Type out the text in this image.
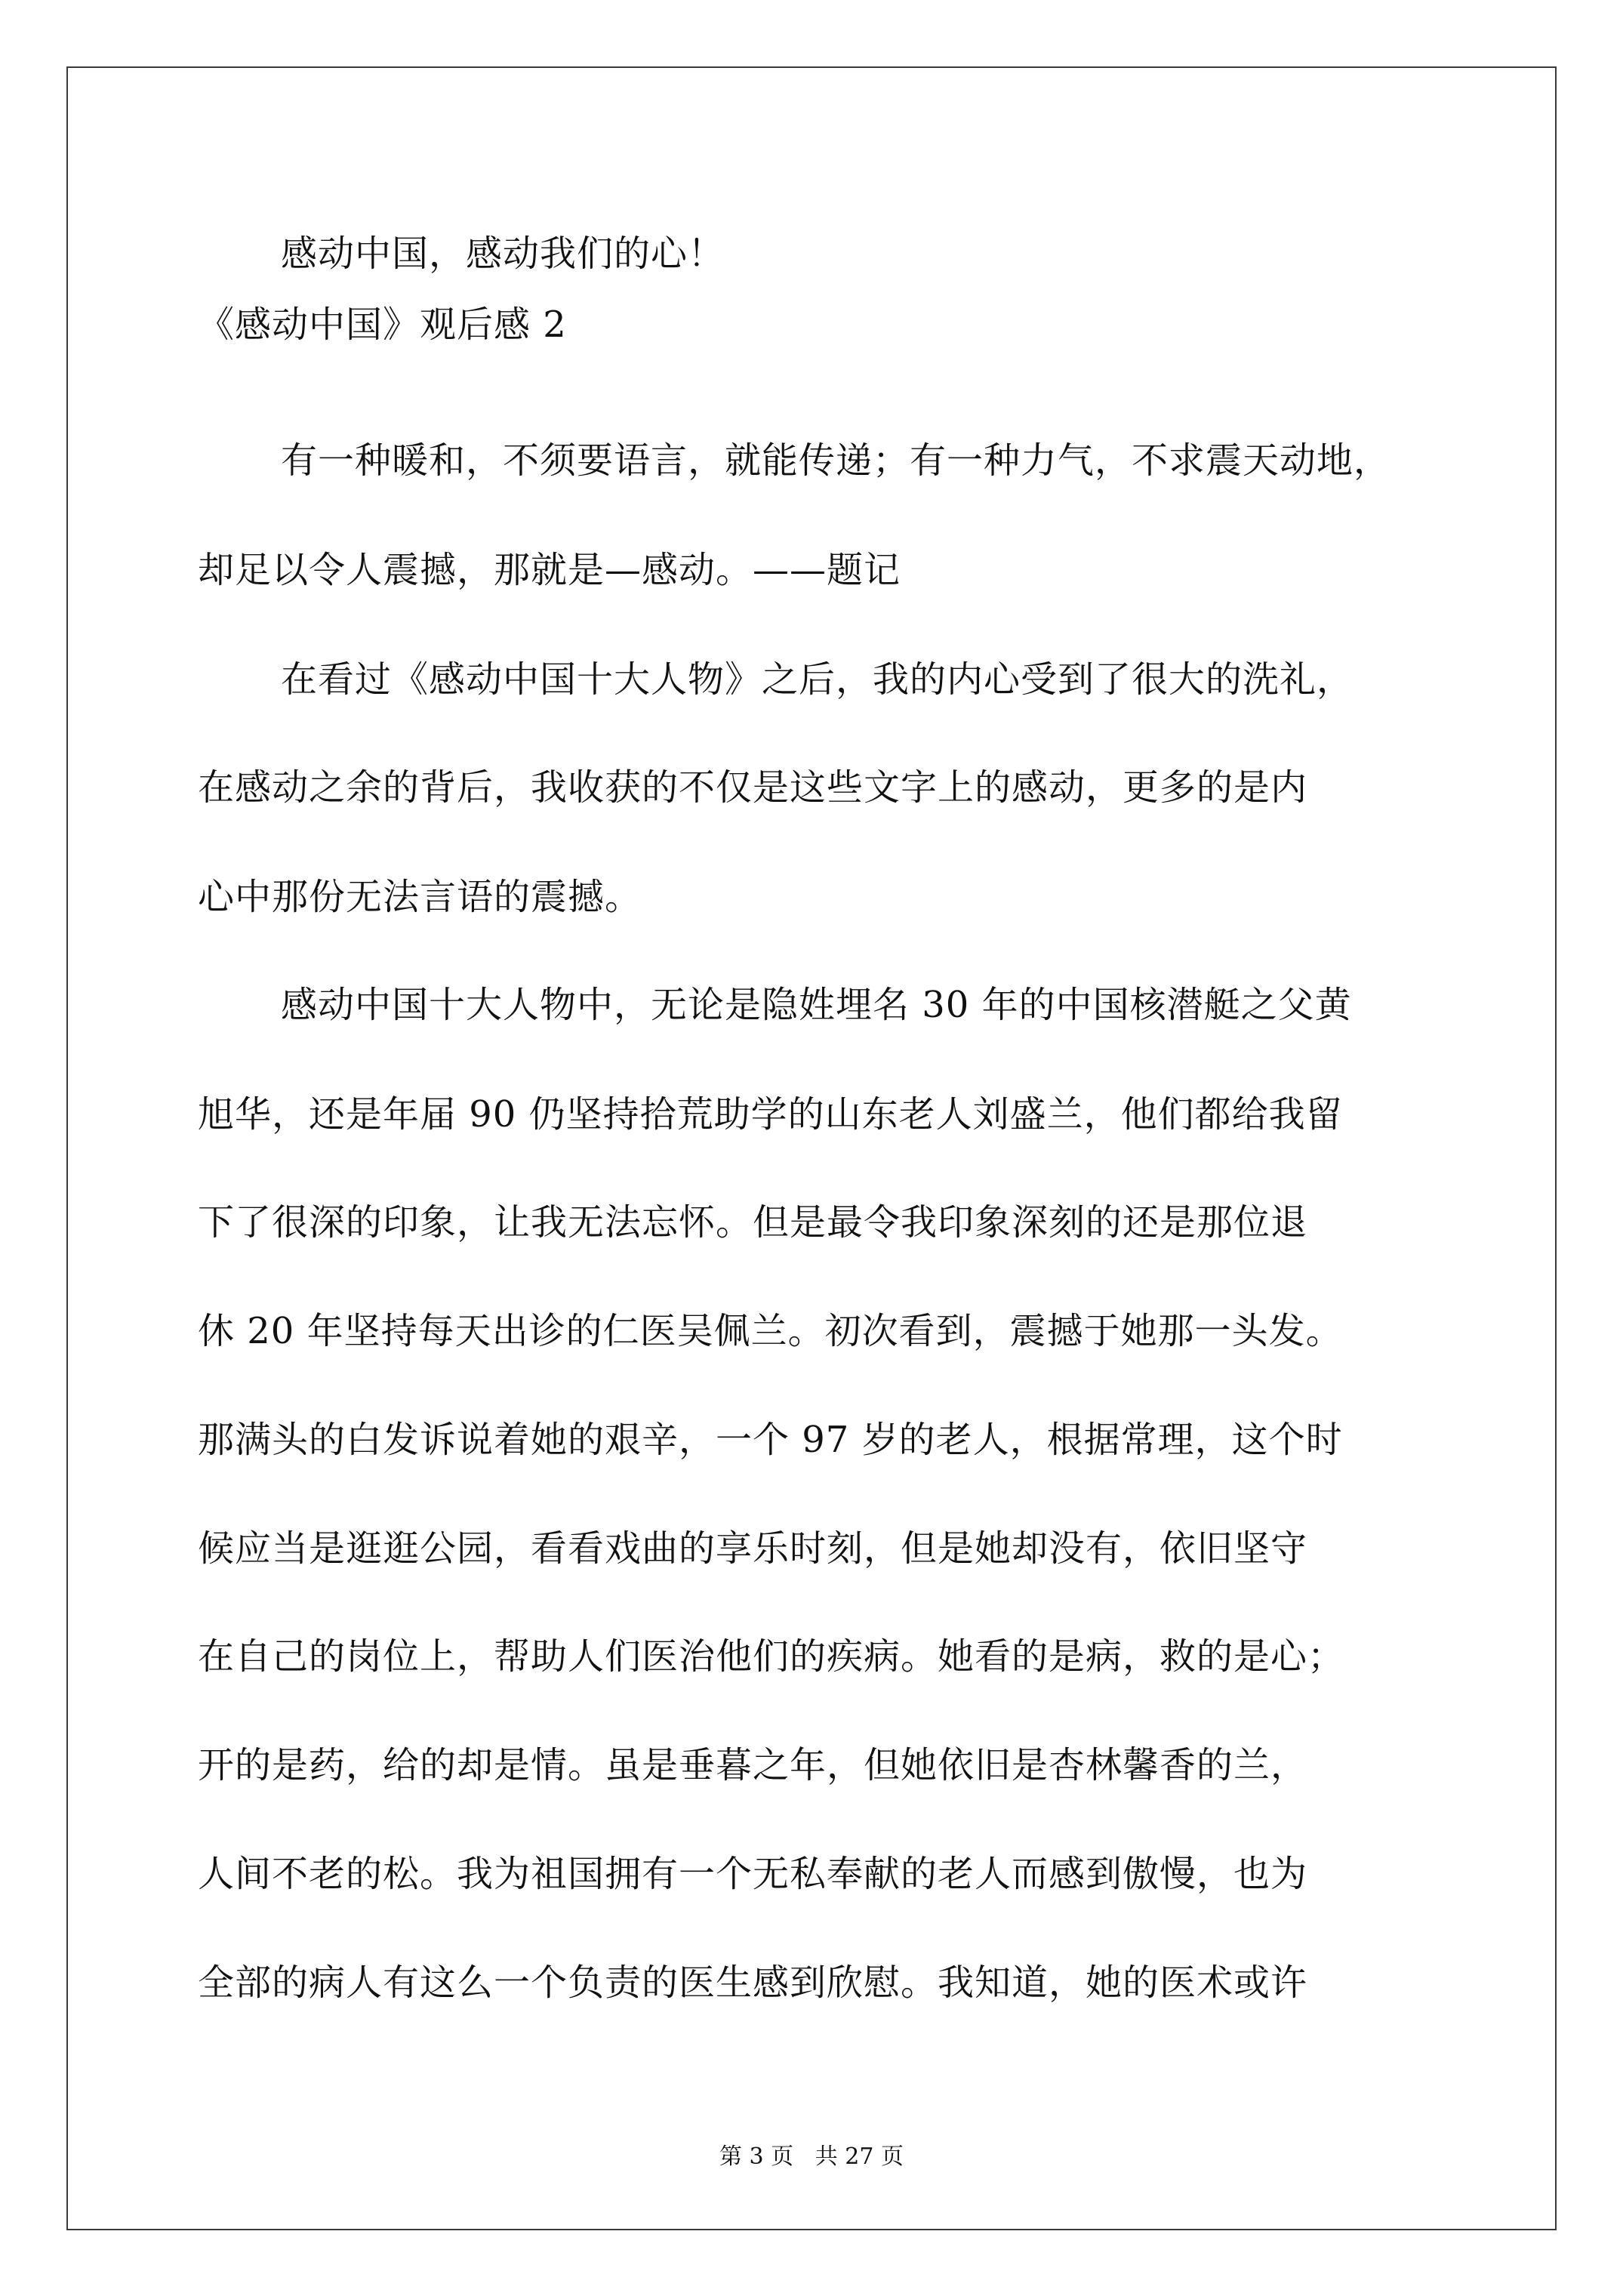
感动中国，感动我们的心！
《感动中国》观后感 2
有一种暖和，不须要语言，就能传递；有一种力气，不求震天动地，
却足以令人震撼，那就是—感动。——题记
在看过《感动中国十大人物》之后，我的内心受到了很大的洗礼，
在感动之余的背后，我收获的不仅是这些文字上的感动，更多的是内
心中那份无法言语的震撼。
感动中国十大人物中，无论是隐姓埋名 30 年的中国核潜艇之父黄
旭华，还是年届 90 仍坚持拾荒助学的山东老人刘盛兰，他们都给我留
下了很深的印象，让我无法忘怀。但是最令我印象深刻的还是那位退
休 20 年坚持每天出诊的仁医吴佩兰。初次看到，震撼于她那一头发。
那满头的白发诉说着她的艰辛，一个 97 岁的老人，根据常理，这个时
候应当是逛逛公园，看看戏曲的享乐时刻，但是她却没有，依旧坚守
在自己的岗位上，帮助人们医治他们的疾病。她看的是病，救的是心；
开的是药，给的却是情。虽是垂暮之年，但她依旧是杏林馨香的兰，
人间不老的松。我为祖国拥有一个无私奉献的老人而感到傲慢，也为
全部的病人有这么一个负责的医生感到欣慰。我知道，她的医术或许
第 3 页   共 27 页
